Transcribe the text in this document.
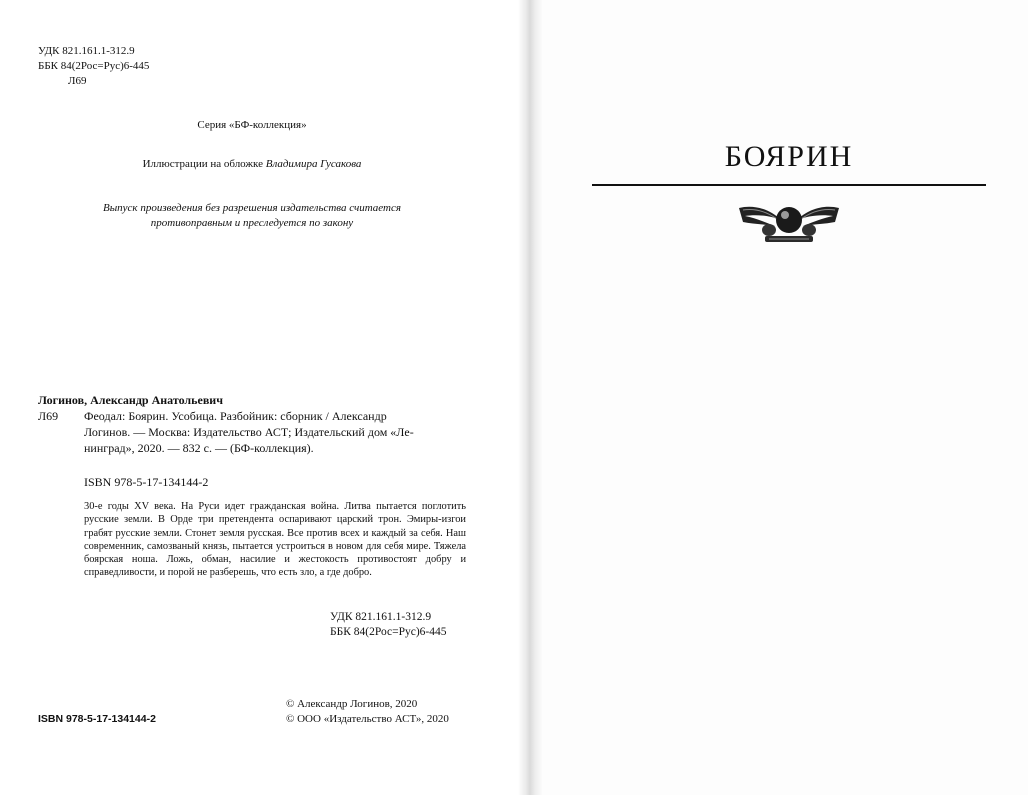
УДК 821.161.1-312.9
ББК 84(2Рос=Рус)6-445
Л69
Серия «БФ-коллекция»
Иллюстрации на обложке Владимира Гусакова
Выпуск произведения без разрешения издательства считается
противоправным и преследуется по закону
Логинов, Александр Анатольевич
Л69	Феодал: Боярин. Усобица. Разбойник: сборник / Александр
Логинов. — Москва: Издательство АСТ; Издательский дом «Ле-
нинград», 2020. — 832 с. — (БФ-коллекция).
ISBN 978-5-17-134144-2
30-е годы XV века. На Руси идет гражданская война. Литва пытается поглотить русские земли. В Орде три претендента оспаривают царский трон. Эмиры-изгои грабят русские земли. Стонет земля русская. Все против всех и каждый за себя. Наш современник, самозваный князь, пытается устроиться в новом для себя мире. Тяжела боярская ноша. Ложь, обман, насилие и жестокость противостоят добру и справедливости, и порой не разберешь, что есть зло, а где добро.
УДК 821.161.1-312.9
ББК 84(2Рос=Рус)6-445
© Александр Логинов, 2020
ISBN 978-5-17-134144-2	© ООО «Издательство АСТ», 2020
БОЯРИН
